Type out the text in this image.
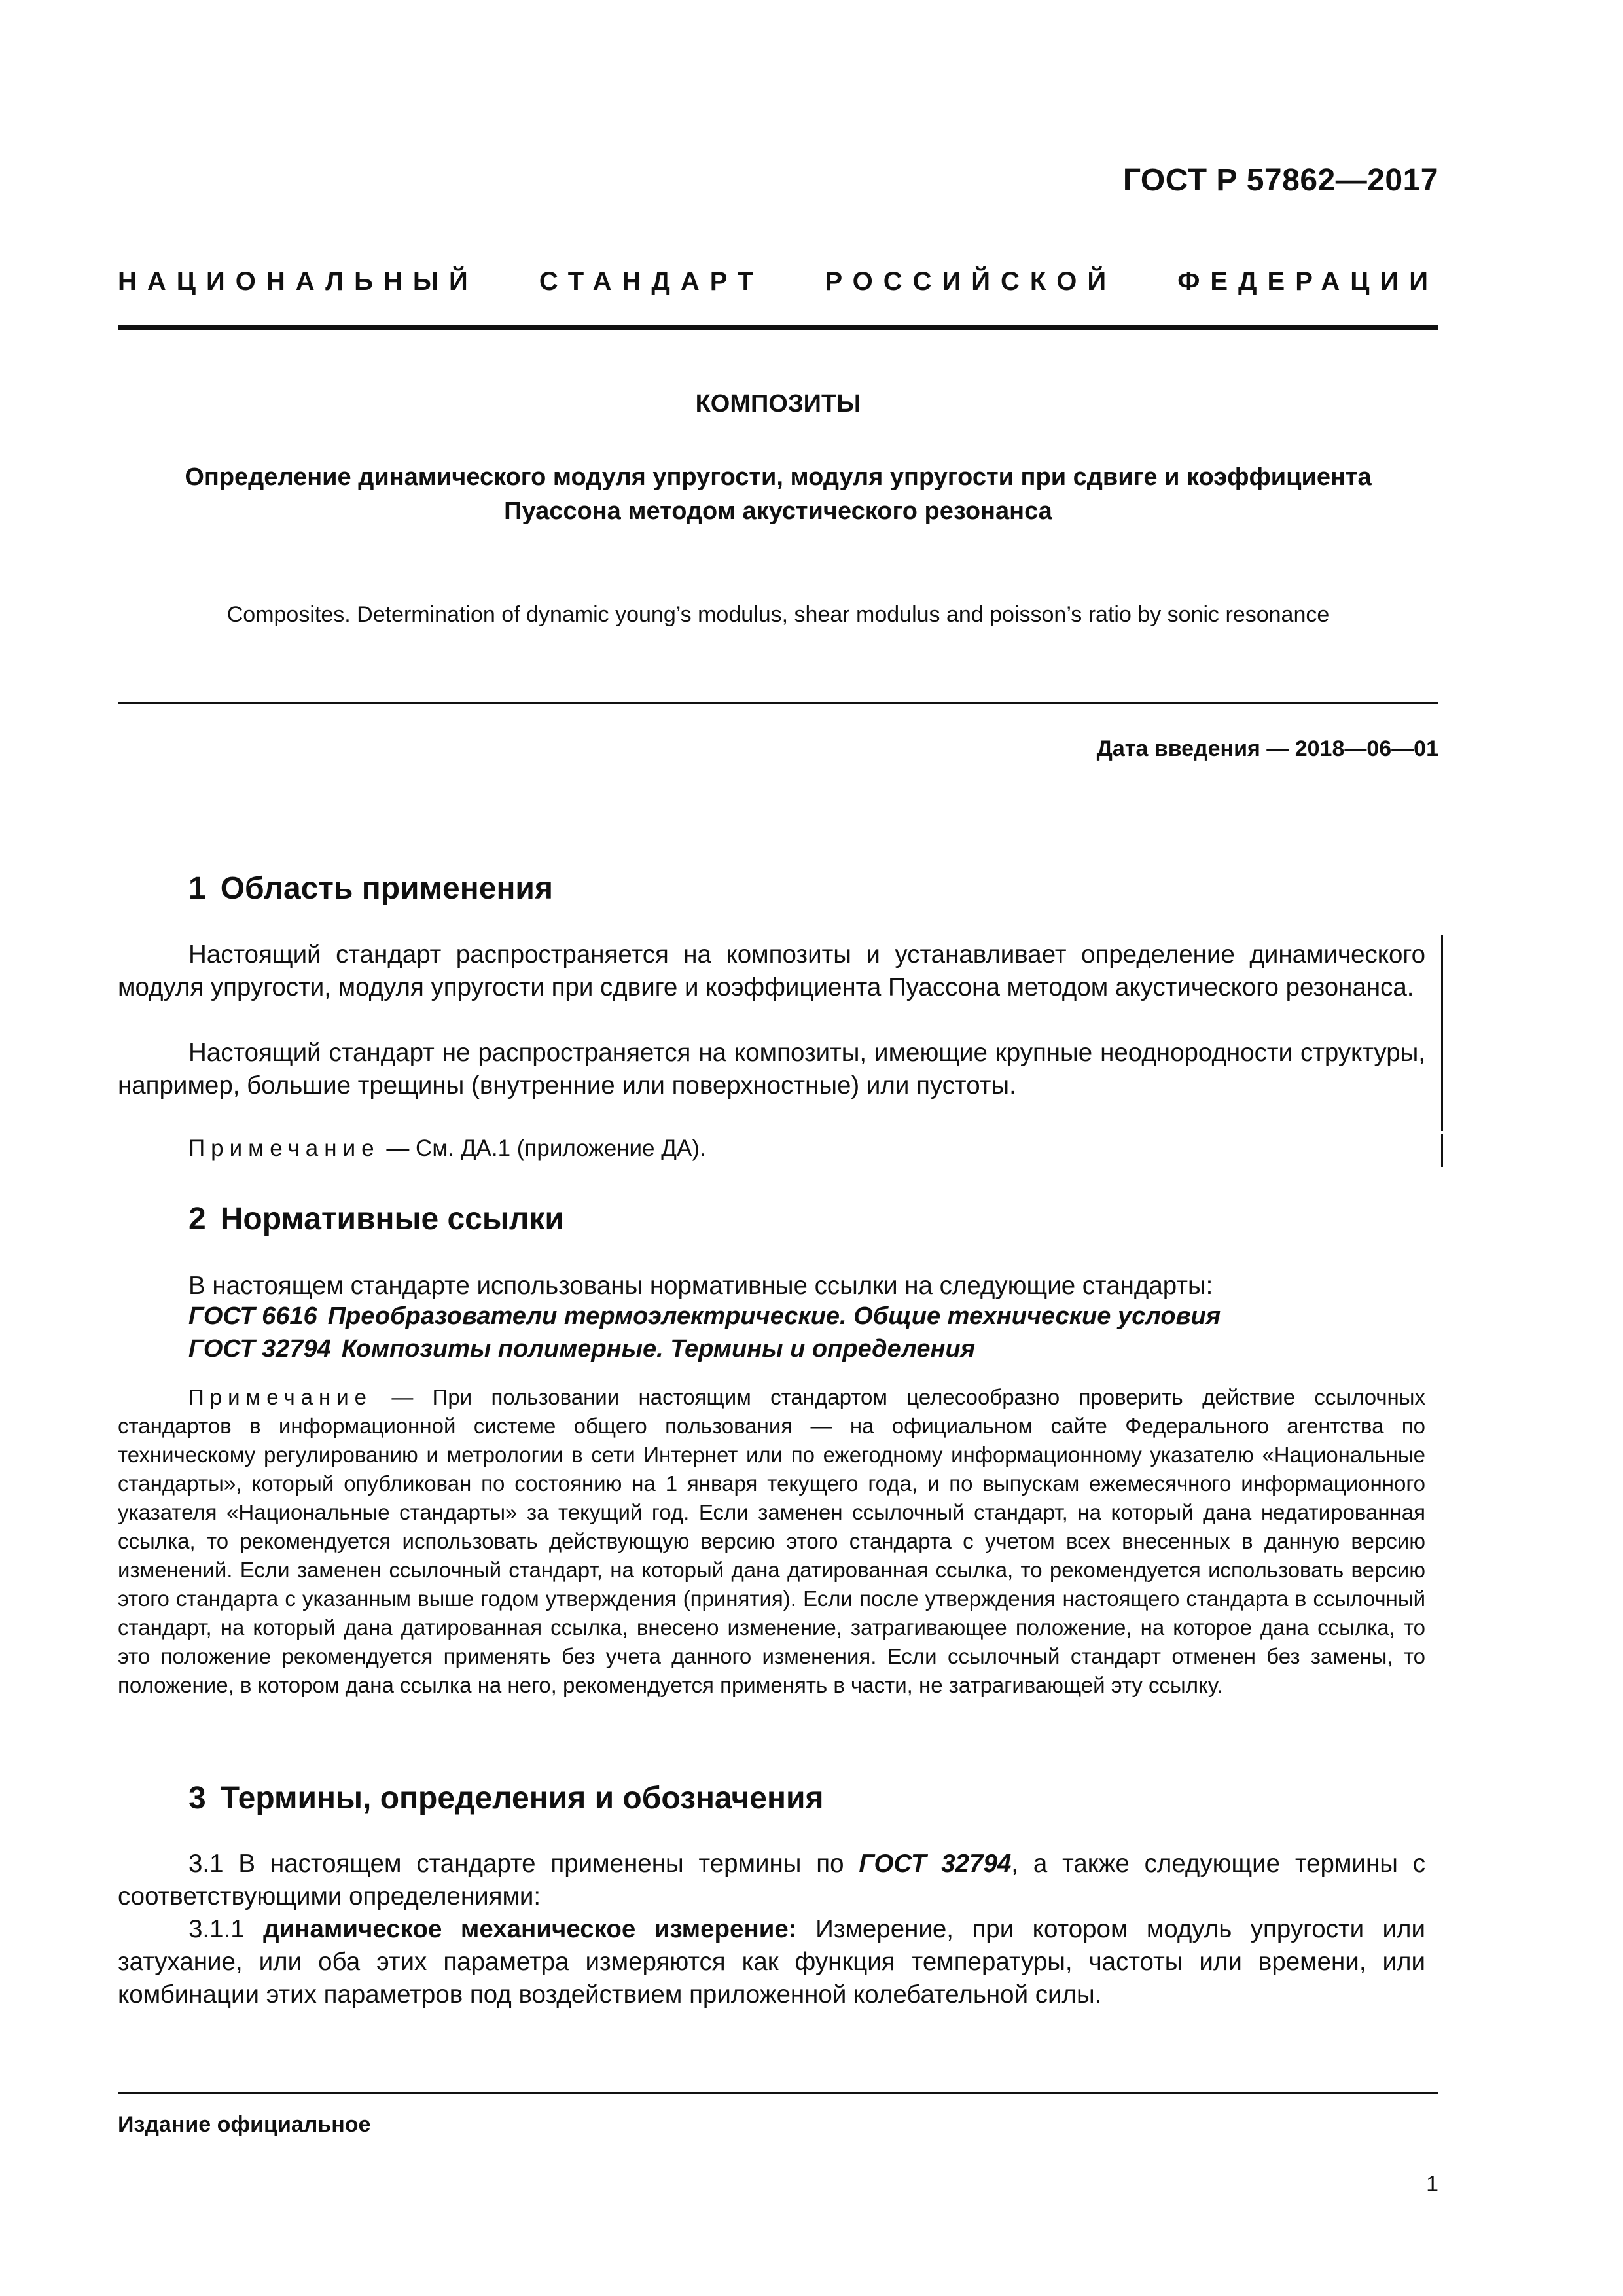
ГОСТ Р 57862—2017
НАЦИОНАЛЬНЫЙ СТАНДАРТ РОССИЙСКОЙ ФЕДЕРАЦИИ
КОМПОЗИТЫ
Определение динамического модуля упругости, модуля упругости при сдвиге и коэффициента
Пуассона методом акустического резонанса
Composites. Determination of dynamic young’s modulus, shear modulus and poisson’s ratio by sonic resonance
Дата введения — 2018—06—01
1 Область применения
Настоящий стандарт распространяется на композиты и устанавливает определение динамического модуля упругости, модуля упругости при сдвиге и коэффициента Пуассона методом акустического резонанса.
Настоящий стандарт не распространяется на композиты, имеющие крупные неоднородности структуры, например, большие трещины (внутренние или поверхностные) или пустоты.
Примечание — См. ДА.1 (приложение ДА).
2 Нормативные ссылки
В настоящем стандарте использованы нормативные ссылки на следующие стандарты:
ГОСТ 6616 Преобразователи термоэлектрические. Общие технические условия
ГОСТ 32794 Композиты полимерные. Термины и определения
Примечание — При пользовании настоящим стандартом целесообразно проверить действие ссылочных стандартов в информационной системе общего пользования — на официальном сайте Федерального агентства по техническому регулированию и метрологии в сети Интернет или по ежегодному информационному указателю «Национальные стандарты», который опубликован по состоянию на 1 января текущего года, и по выпускам ежемесячного информационного указателя «Национальные стандарты» за текущий год. Если заменен ссылочный стандарт, на который дана недатированная ссылка, то рекомендуется использовать действующую версию этого стандарта с учетом всех внесенных в данную версию изменений. Если заменен ссылочный стандарт, на который дана датированная ссылка, то рекомендуется использовать версию этого стандарта с указанным выше годом утверждения (принятия). Если после утверждения настоящего стандарта в ссылочный стандарт, на который дана датированная ссылка, внесено изменение, затрагивающее положение, на которое дана ссылка, то это положение рекомендуется применять без учета данного изменения. Если ссылочный стандарт отменен без замены, то положение, в котором дана ссылка на него, рекомендуется применять в части, не затрагивающей эту ссылку.
3 Термины, определения и обозначения
3.1 В настоящем стандарте применены термины по ГОСТ 32794, а также следующие термины с соответствующими определениями:
3.1.1 динамическое механическое измерение: Измерение, при котором модуль упругости или затухание, или оба этих параметра измеряются как функция температуры, частоты или времени, или комбинации этих параметров под воздействием приложенной колебательной силы.
Издание официальное
1
